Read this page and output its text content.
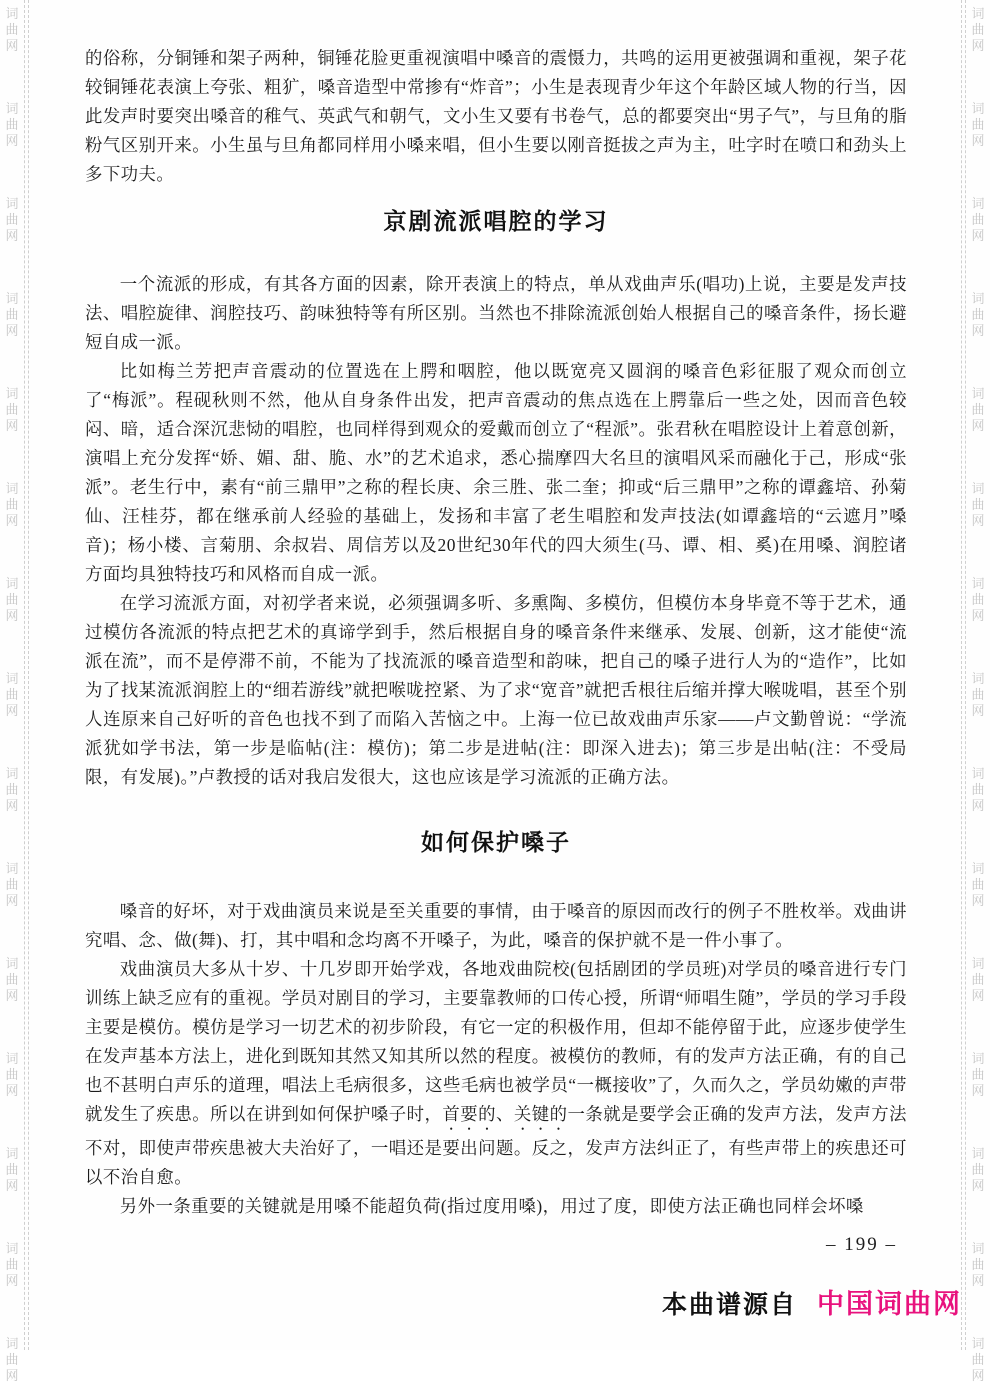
词
曲
网
词
曲
网
词
曲
网
词
曲
网
词
曲
网
词
曲
网
词
曲
网
词
曲
网
词
曲
网
词
曲
网
词
曲
网
词
曲
网
词
曲
网
词
曲
网
词
曲
网
词
曲
网
词
曲
网
词
曲
网
词
曲
网
词
曲
网
词
曲
网
词
曲
网
词
曲
网
词
曲
网
词
曲
网
词
曲
网
词
曲
网
词
曲
网
词
曲
网
词
曲
网

的俗称，分铜锤和架子两种，铜锤花脸更重视演唱中嗓音的震慑力，共鸣的运用更被强调和重视，架子花较铜锤花表演上夸张、粗犷，嗓音造型中常掺有“炸音”；小生是表现青少年这个年龄区域人物的行当，因此发声时要突出嗓音的稚气、英武气和朝气，文小生又要有书卷气，总的都要突出“男子气”，与旦角的脂粉气区别开来。小生虽与旦角都同样用小嗓来唱，但小生要以刚音挺拔之声为主，吐字时在喷口和劲头上多下功夫。

京剧流派唱腔的学习

一个流派的形成，有其各方面的因素，除开表演上的特点，单从戏曲声乐(唱功)上说，主要是发声技法、唱腔旋律、润腔技巧、韵味独特等有所区别。当然也不排除流派创始人根据自己的嗓音条件，扬长避短自成一派。

比如梅兰芳把声音震动的位置选在上腭和咽腔，他以既宽亮又圆润的嗓音色彩征服了观众而创立了“梅派”。程砚秋则不然，他从自身条件出发，把声音震动的焦点选在上腭靠后一些之处，因而音色较闷、暗，适合深沉悲恸的唱腔，也同样得到观众的爱戴而创立了“程派”。张君秋在唱腔设计上着意创新，演唱上充分发挥“娇、媚、甜、脆、水”的艺术追求，悉心揣摩四大名旦的演唱风采而融化于己，形成“张派”。老生行中，素有“前三鼎甲”之称的程长庚、余三胜、张二奎；抑或“后三鼎甲”之称的谭鑫培、孙菊仙、汪桂芬，都在继承前人经验的基础上，发扬和丰富了老生唱腔和发声技法(如谭鑫培的“云遮月”嗓音)；杨小楼、言菊朋、余叔岩、周信芳以及20世纪30年代的四大须生(马、谭、相、奚)在用嗓、润腔诸方面均具独特技巧和风格而自成一派。

在学习流派方面，对初学者来说，必须强调多听、多熏陶、多模仿，但模仿本身毕竟不等于艺术，通过模仿各流派的特点把艺术的真谛学到手，然后根据自身的嗓音条件来继承、发展、创新，这才能使“流派在流”，而不是停滞不前，不能为了找流派的嗓音造型和韵味，把自己的嗓子进行人为的“造作”，比如为了找某流派润腔上的“细若游线”就把喉咙控紧、为了求“宽音”就把舌根往后缩并撑大喉咙唱，甚至个别人连原来自己好听的音色也找不到了而陷入苦恼之中。上海一位已故戏曲声乐家——卢文勤曾说：“学流派犹如学书法，第一步是临帖(注：模仿)；第二步是进帖(注：即深入进去)；第三步是出帖(注：不受局限，有发展)。”卢教授的话对我启发很大，这也应该是学习流派的正确方法。

如何保护嗓子

嗓音的好坏，对于戏曲演员来说是至关重要的事情，由于嗓音的原因而改行的例子不胜枚举。戏曲讲究唱、念、做(舞)、打，其中唱和念均离不开嗓子，为此，嗓音的保护就不是一件小事了。

戏曲演员大多从十岁、十几岁即开始学戏，各地戏曲院校(包括剧团的学员班)对学员的嗓音进行专门训练上缺乏应有的重视。学员对剧目的学习，主要靠教师的口传心授，所谓“师唱生随”，学员的学习手段主要是模仿。模仿是学习一切艺术的初步阶段，有它一定的积极作用，但却不能停留于此，应逐步使学生在发声基本方法上，进化到既知其然又知其所以然的程度。被模仿的教师，有的发声方法正确，有的自己也不甚明白声乐的道理，唱法上毛病很多，这些毛病也被学员“一概接收”了，久而久之，学员幼嫩的声带就发生了疾患。所以在讲到如何保护嗓子时，首要的、关键的一条就是要学会正确的发声方法，发声方法不对，即使声带疾患被大夫治好了，一唱还是要出问题。反之，发声方法纠正了，有些声带上的疾患还可以不治自愈。

另外一条重要的关键就是用嗓不能超负荷(指过度用嗓)，用过了度，即使方法正确也同样会坏嗓

– 199 –
本曲谱源自 中国词曲网
